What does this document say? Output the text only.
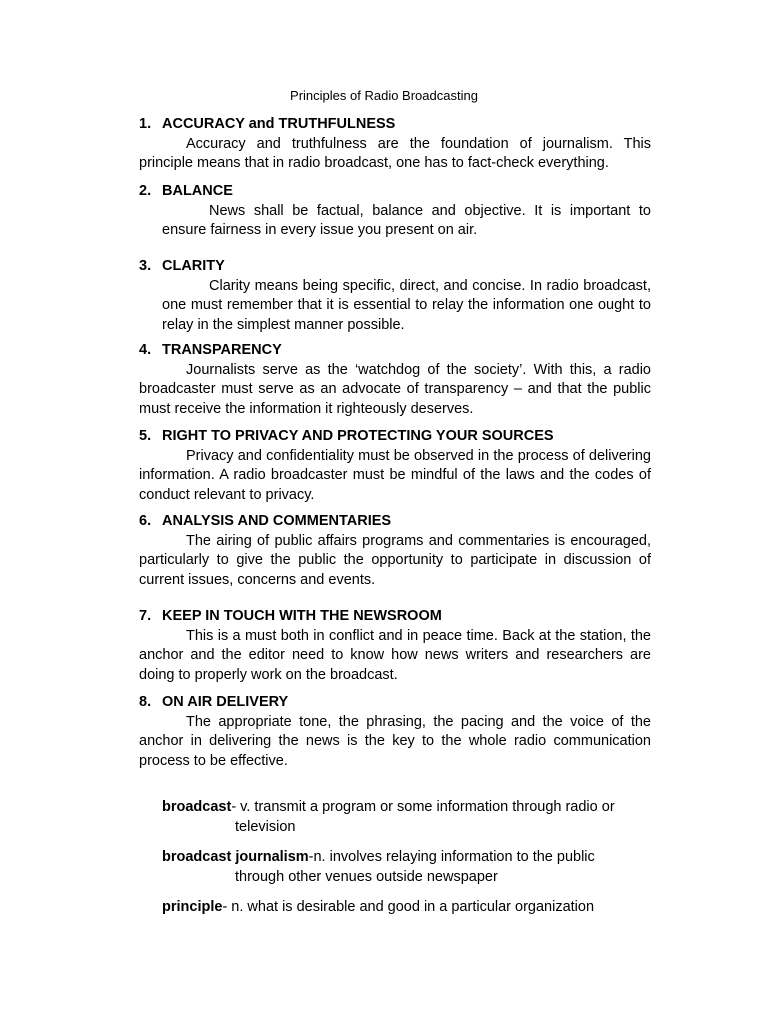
Principles of Radio Broadcasting
1. ACCURACY and TRUTHFULNESS

Accuracy and truthfulness are the foundation of journalism. This principle means that in radio broadcast, one has to fact-check everything.

2. BALANCE

News shall be factual, balance and objective. It is important to ensure fairness in every issue you present on air.

3. CLARITY

Clarity means being specific, direct, and concise. In radio broadcast, one must remember that it is essential to relay the information one ought to relay in the simplest manner possible.

4. TRANSPARENCY

Journalists serve as the ‘watchdog of the society’. With this, a radio broadcaster must serve as an advocate of transparency – and that the public must receive the information it righteously deserves.

5. RIGHT TO PRIVACY AND PROTECTING YOUR SOURCES

Privacy and confidentiality must be observed in the process of delivering information. A radio broadcaster must be mindful of the laws and the codes of conduct relevant to privacy.

6. ANALYSIS AND COMMENTARIES

The airing of public affairs programs and commentaries is encouraged, particularly to give the public the opportunity to participate in discussion of current issues, concerns and events.

7. KEEP IN TOUCH WITH THE NEWSROOM

This is a must both in conflict and in peace time. Back at the station, the anchor and the editor need to know how news writers and researchers are doing to properly work on the broadcast.

8. ON AIR DELIVERY

The appropriate tone, the phrasing, the pacing and the voice of the anchor in delivering the news is the key to the whole radio communication process to be effective.

broadcast- v. transmit a program or some information through radio or
television
broadcast journalism-n. involves relaying information to the public
through other venues outside newspaper
principle- n. what is desirable and good in a particular organization
